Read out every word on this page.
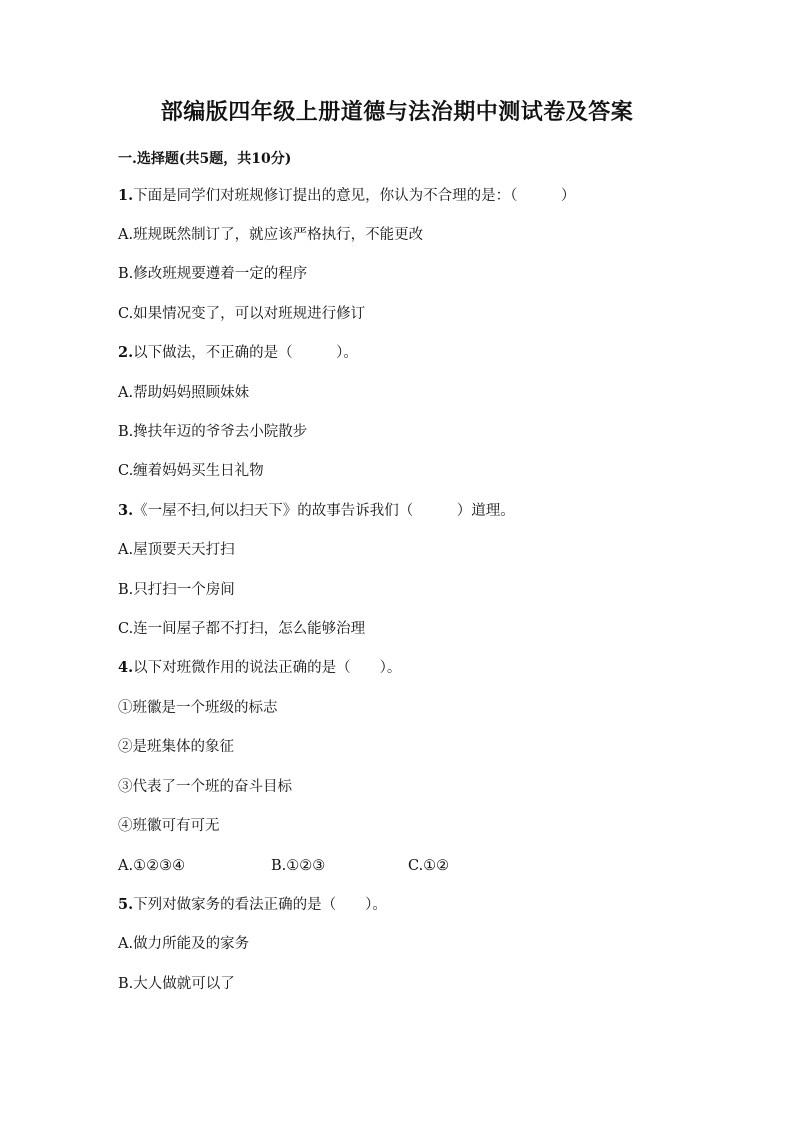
部编版四年级上册道德与法治期中测试卷及答案
一.选择题(共5题，共10分)
1.下面是同学们对班规修订提出的意见，你认为不合理的是：（　　　）
A.班规既然制订了，就应该严格执行，不能更改
B.修改班规要遵着一定的程序
C.如果情况变了，可以对班规进行修订
2.以下做法，不正确的是（　　　）。
A.帮助妈妈照顾妹妹
B.搀扶年迈的爷爷去小院散步
C.缠着妈妈买生日礼物
3.《一屋不扫,何以扫天下》的故事告诉我们（　　　）道理。
A.屋顶要天天打扫
B.只打扫一个房间
C.连一间屋子都不打扫，怎么能够治理
4.以下对班微作用的说法正确的是（　　）。
①班徽是一个班级的标志
②是班集体的象征
③代表了一个班的奋斗目标
④班徽可有可无
A.①②③④	B.①②③	C.①②
5.下列对做家务的看法正确的是（　　）。
A.做力所能及的家务
B.大人做就可以了
